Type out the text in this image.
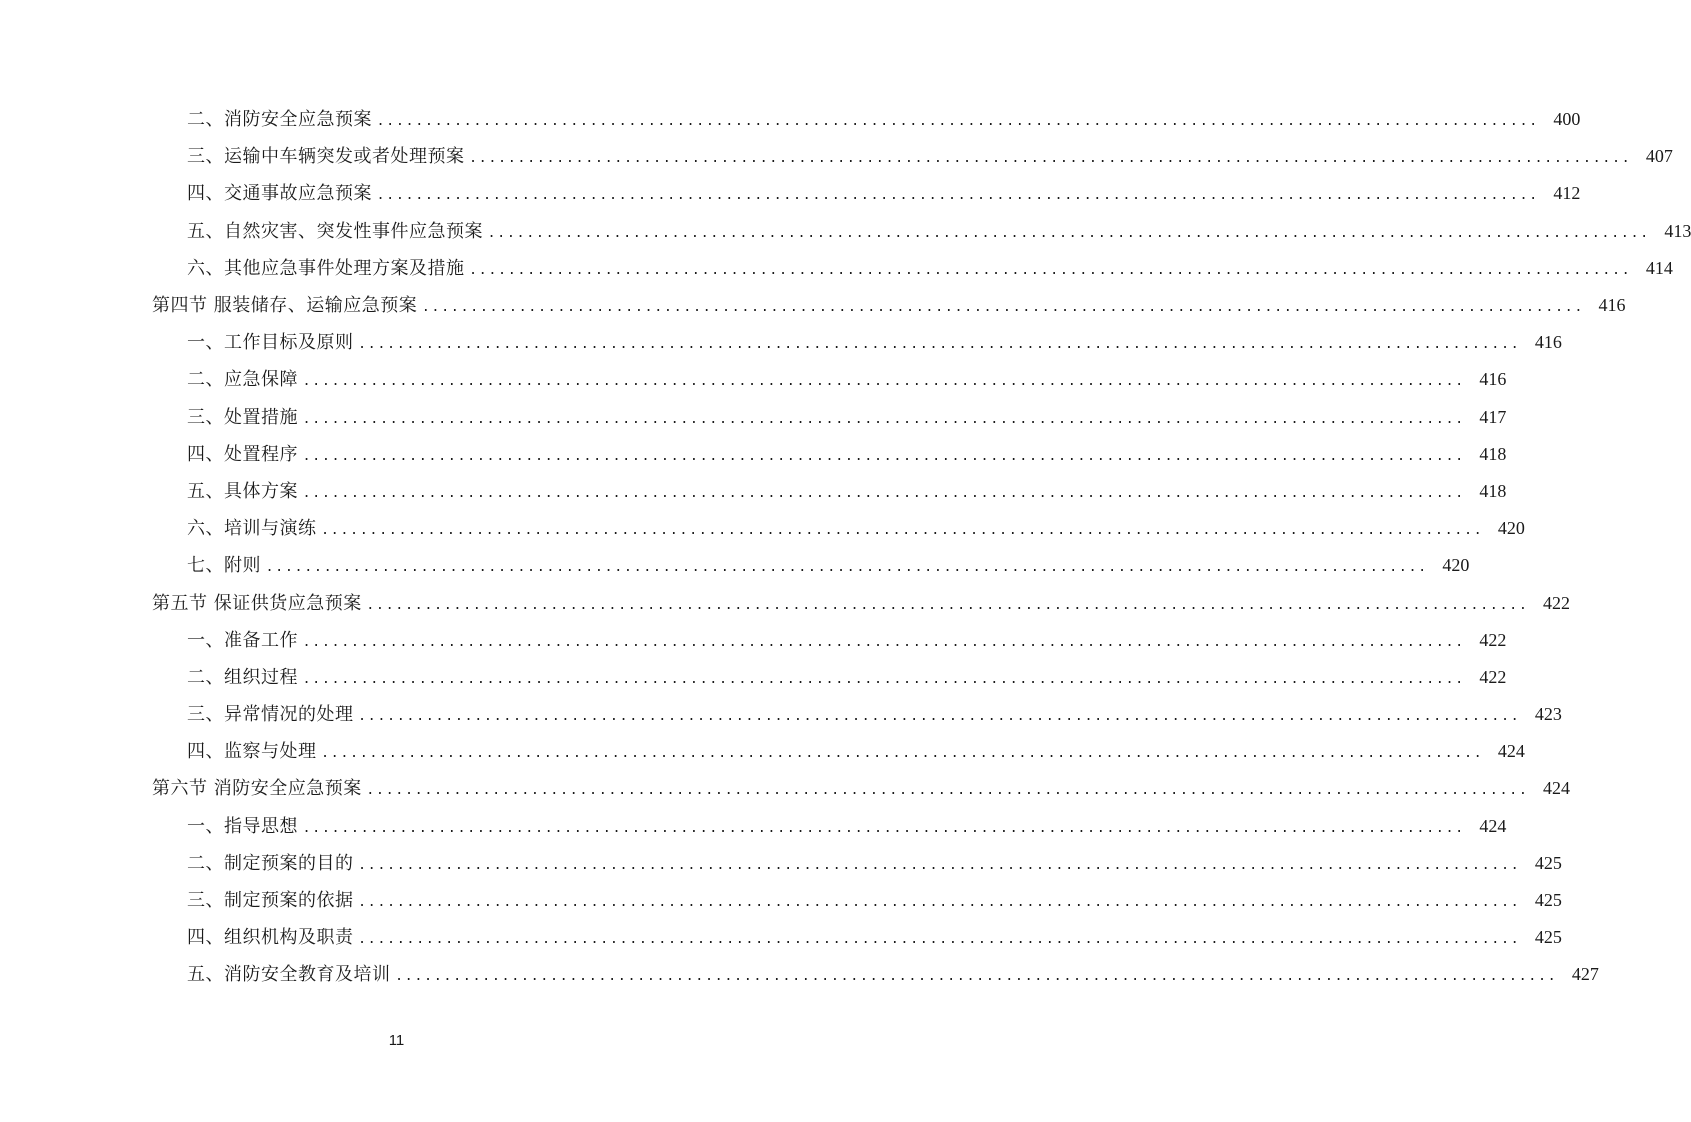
二、消防安全应急预案 ........................................................................................................................ 400
三、运输中车辆突发或者处理预案 ........................................................................................................................ 407
四、交通事故应急预案 ........................................................................................................................ 412
五、自然灾害、突发性事件应急预案 ........................................................................................................................ 413
六、其他应急事件处理方案及措施 ........................................................................................................................ 414
第四节 服装储存、运输应急预案 ........................................................................................................................ 416
一、工作目标及原则 ........................................................................................................................ 416
二、应急保障 ........................................................................................................................ 416
三、处置措施 ........................................................................................................................ 417
四、处置程序 ........................................................................................................................ 418
五、具体方案 ........................................................................................................................ 418
六、培训与演练 ........................................................................................................................ 420
七、附则 ........................................................................................................................ 420
第五节 保证供货应急预案 ........................................................................................................................ 422
一、准备工作 ........................................................................................................................ 422
二、组织过程 ........................................................................................................................ 422
三、异常情况的处理 ........................................................................................................................ 423
四、监察与处理 ........................................................................................................................ 424
第六节 消防安全应急预案 ........................................................................................................................ 424
一、指导思想 ........................................................................................................................ 424
二、制定预案的目的 ........................................................................................................................ 425
三、制定预案的依据 ........................................................................................................................ 425
四、组织机构及职责 ........................................................................................................................ 425
五、消防安全教育及培训 ........................................................................................................................ 427
11
